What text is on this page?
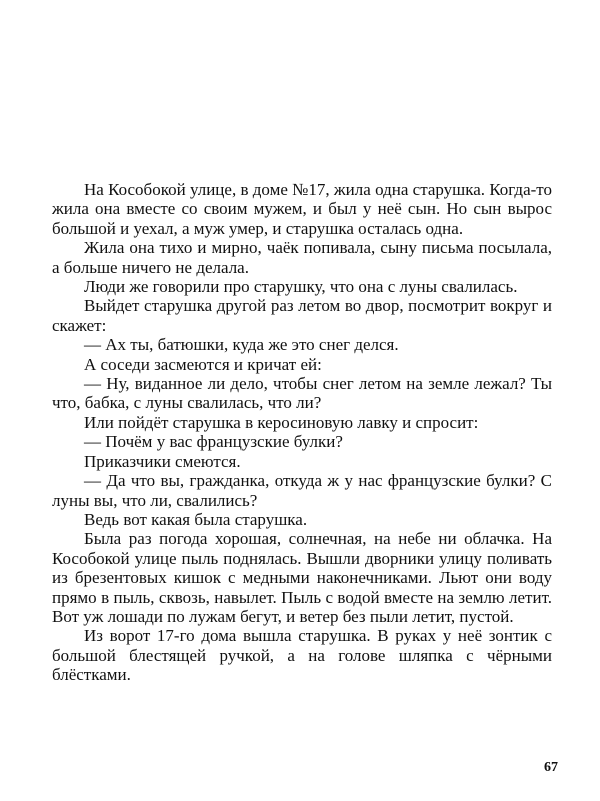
На Кособокой улице, в доме №17, жила одна старушка. Когда-то жила она вместе со своим мужем, и был у неё сын. Но сын вырос большой и уехал, а муж умер, и старушка осталась одна.

Жила она тихо и мирно, чаёк попивала, сыну письма посылала, а больше ничего не делала.

Люди же говорили про старушку, что она с луны свалилась.

Выйдет старушка другой раз летом во двор, посмотрит вокруг и скажет:

— Ах ты, батюшки, куда же это снег делся.

А соседи засмеются и кричат ей:

— Ну, виданное ли дело, чтобы снег летом на земле лежал? Ты что, бабка, с луны свалилась, что ли?

Или пойдёт старушка в керосиновую лавку и спросит:

— Почём у вас французские булки?

Приказчики смеются.

— Да что вы, гражданка, откуда ж у нас французские булки? С луны вы, что ли, свалились?

Ведь вот какая была старушка.

Была раз погода хорошая, солнечная, на небе ни облачка. На Кособокой улице пыль поднялась. Вышли дворники улицу поливать из брезентовых кишок с медными наконечниками. Льют они воду прямо в пыль, сквозь, навылет. Пыль с водой вместе на землю летит. Вот уж лошади по лужам бегут, и ветер без пыли летит, пустой.

Из ворот 17-го дома вышла старушка. В руках у неё зонтик с большой блестящей ручкой, а на голове шляпка с чёрными блёстками.

67
